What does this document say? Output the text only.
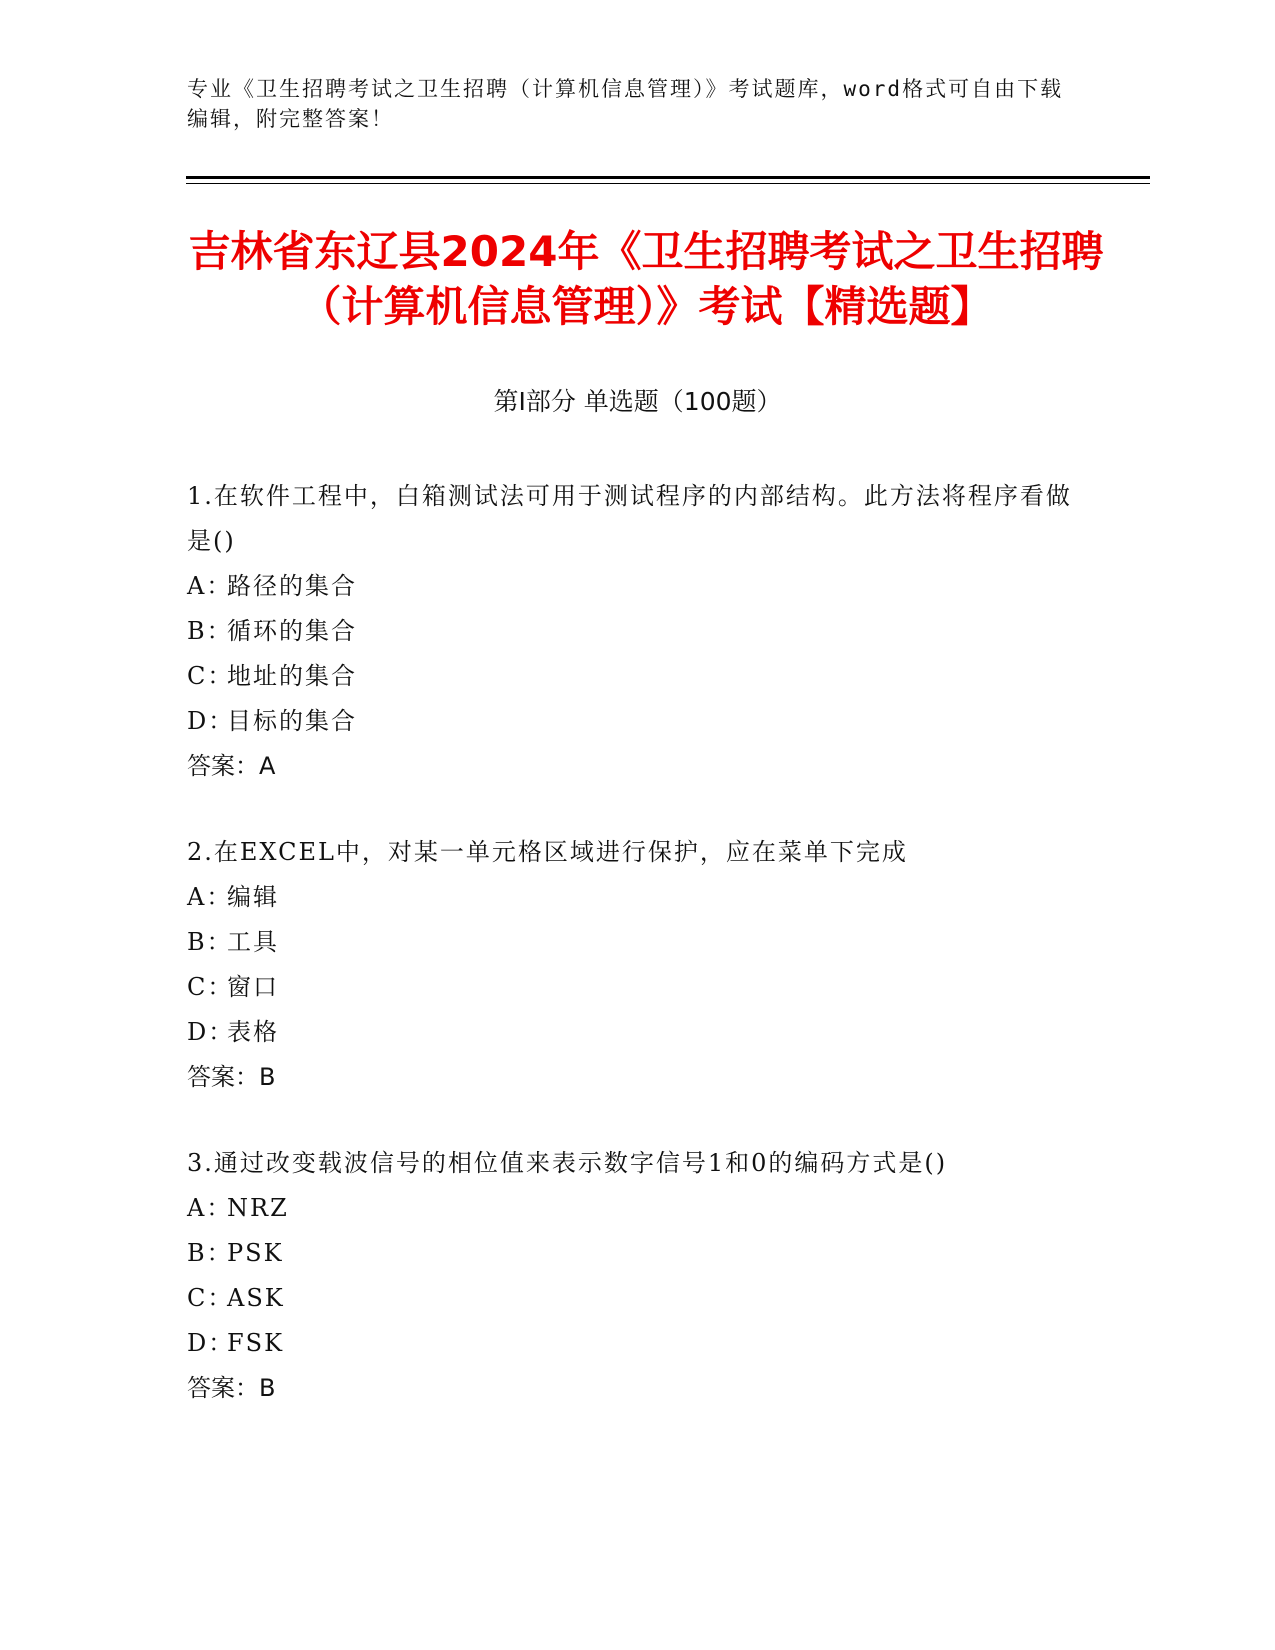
专业《卫生招聘考试之卫生招聘（计算机信息管理）》考试题库，word格式可自由下载编辑，附完整答案！
吉林省东辽县2024年《卫生招聘考试之卫生招聘（计算机信息管理）》考试【精选题】
第Ⅰ部分 单选题（100题）

1.在软件工程中，白箱测试法可用于测试程序的内部结构。此方法将程序看做是()

A：
路径的集合

B：
循环的集合

C：
地址的集合

D：
目标的集合

答案：A

2.在EXCEL中，对某一单元格区域进行保护，应在菜单下完成

A：
编辑

B：
工具

C：
窗口

D：
表格

答案：B

3.通过改变载波信号的相位值来表示数字信号1和0的编码方式是()

A：
NRZ

B：
PSK

C：
ASK

D：
FSK

答案：B
